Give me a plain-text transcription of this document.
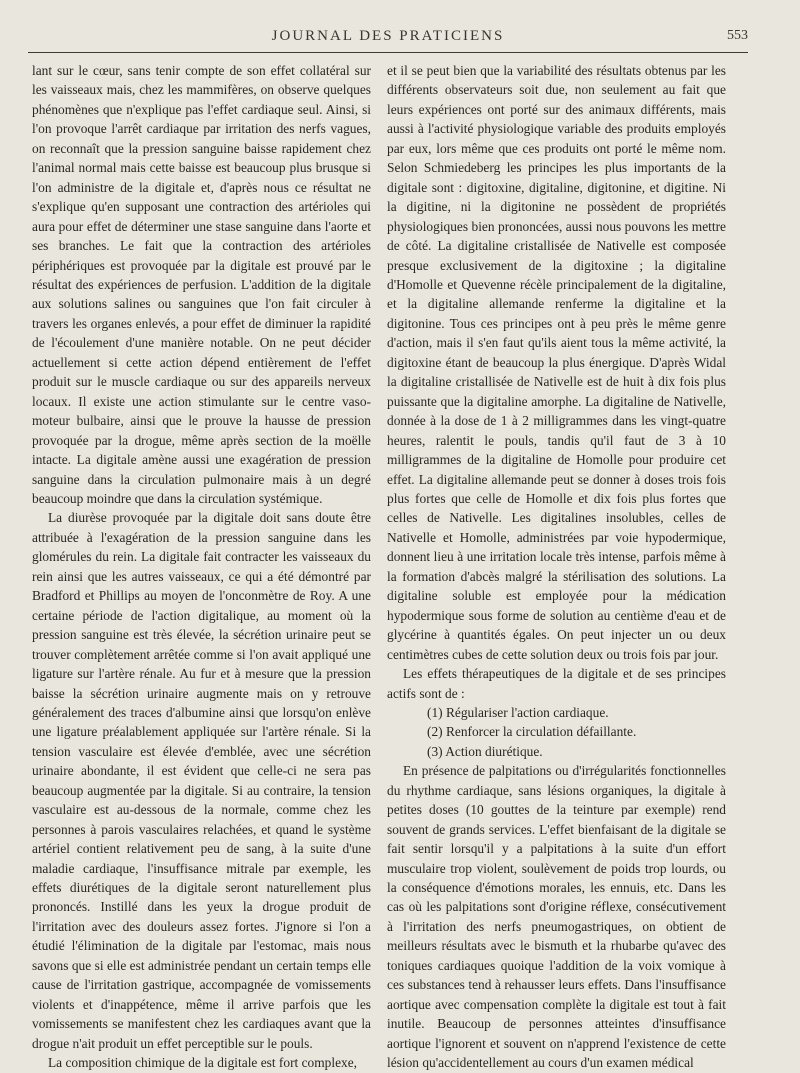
JOURNAL DES PRATICIENS	553

lant sur le cœur, sans tenir compte de son effet collatéral sur les vaisseaux mais, chez les mammifères, on observe quelques phénomènes que n'explique pas l'effet cardiaque seul. Ainsi, si l'on provoque l'arrêt cardiaque par irritation des nerfs vagues, on reconnaît que la pression sanguine baisse rapidement chez l'animal normal mais cette baisse est beaucoup plus brusque si l'on administre de la digitale et, d'après nous ce résultat ne s'explique qu'en supposant une contraction des artérioles qui aura pour effet de déterminer une stase sanguine dans l'aorte et ses branches. Le fait que la contraction des artérioles périphériques est provoquée par la digitale est prouvé par le résultat des expériences de perfusion. L'addition de la digitale aux solutions salines ou sanguines que l'on fait circuler à travers les organes enlevés, a pour effet de diminuer la rapidité de l'écoulement d'une manière notable. On ne peut décider actuellement si cette action dépend entièrement de l'effet produit sur le muscle cardiaque ou sur des appareils nerveux locaux. Il existe une action stimulante sur le centre vaso-moteur bulbaire, ainsi que le prouve la hausse de pression provoquée par la drogue, même après section de la moëlle intacte. La digitale amène aussi une exagération de pression sanguine dans la circulation pulmonaire mais à un degré beaucoup moindre que dans la circulation systémique.

La diurèse provoquée par la digitale doit sans doute être attribuée à l'exagération de la pression sanguine dans les glomérules du rein. La digitale fait contracter les vaisseaux du rein ainsi que les autres vaisseaux, ce qui a été démontré par Bradford et Phillips au moyen de l'onconmètre de Roy. A une certaine période de l'action digitalique, au moment où la pression sanguine est très élevée, la sécrétion urinaire peut se trouver complètement arrêtée comme si l'on avait appliqué une ligature sur l'artère rénale. Au fur et à mesure que la pression baisse la sécrétion urinaire augmente mais on y retrouve généralement des traces d'albumine ainsi que lorsqu'on enlève une ligature préalablement appliquée sur l'artère rénale. Si la tension vasculaire est élevée d'emblée, avec une sécrétion urinaire abondante, il est évident que celle-ci ne sera pas beaucoup augmentée par la digitale. Si au contraire, la tension vasculaire est au-dessous de la normale, comme chez les personnes à parois vasculaires relachées, et quand le système artériel contient relativement peu de sang, à la suite d'une maladie cardiaque, l'insuffisance mitrale par exemple, les effets diurétiques de la digitale seront naturellement plus prononcés. Instillé dans les yeux la drogue produit de l'irritation avec des douleurs assez fortes. J'ignore si l'on a étudié l'élimination de la digitale par l'estomac, mais nous savons que si elle est administrée pendant un certain temps elle cause de l'irritation gastrique, accompagnée de vomissements violents et d'inappétence, même il arrive parfois que les vomissements se manifestent chez les cardiaques avant que la drogue n'ait produit un effet perceptible sur le pouls.

La composition chimique de la digitale est fort complexe,

et il se peut bien que la variabilité des résultats obtenus par les différents observateurs soit due, non seulement au fait que leurs expériences ont porté sur des animaux différents, mais aussi à l'activité physiologique variable des produits employés par eux, lors même que ces produits ont porté le même nom. Selon Schmiedeberg les principes les plus importants de la digitale sont : digitoxine, digitaline, digitonine, et digitine. Ni la digitine, ni la digitonine ne possèdent de propriétés physiologiques bien prononcées, aussi nous pouvons les mettre de côté. La digitaline cristallisée de Nativelle est composée presque exclusivement de la digitoxine ; la digitaline d'Homolle et Quevenne récèle principalement de la digitaline, et la digitaline allemande renferme la digitaline et la digitonine. Tous ces principes ont à peu près le même genre d'action, mais il s'en faut qu'ils aient tous la même activité, la digitoxine étant de beaucoup la plus énergique. D'après Widal la digitaline cristallisée de Nativelle est de huit à dix fois plus puissante que la digitaline amorphe. La digitaline de Nativelle, donnée à la dose de 1 à 2 milligrammes dans les vingt-quatre heures, ralentit le pouls, tandis qu'il faut de 3 à 10 milligrammes de la digitaline de Homolle pour produire cet effet. La digitaline allemande peut se donner à doses trois fois plus fortes que celle de Homolle et dix fois plus fortes que celles de Nativelle. Les digitalines insolubles, celles de Nativelle et Homolle, administrées par voie hypodermique, donnent lieu à une irritation locale très intense, parfois même à la formation d'abcès malgré la stérilisation des solutions. La digitaline soluble est employée pour la médication hypodermique sous forme de solution au centième d'eau et de glycérine à quantités égales. On peut injecter un ou deux centimètres cubes de cette solution deux ou trois fois par jour.

Les effets thérapeutiques de la digitale et de ses principes actifs sont de :

(1) Régulariser l'action cardiaque.
(2) Renforcer la circulation défaillante.
(3) Action diurétique.

En présence de palpitations ou d'irrégularités fonctionnelles du rhythme cardiaque, sans lésions organiques, la digitale à petites doses (10 gouttes de la teinture par exemple) rend souvent de grands services. L'effet bienfaisant de la digitale se fait sentir lorsqu'il y a palpitations à la suite d'un effort musculaire trop violent, soulèvement de poids trop lourds, ou la conséquence d'émotions morales, les ennuis, etc. Dans les cas où les palpitations sont d'origine réflexe, consécutivement à l'irritation des nerfs pneumogastriques, on obtient de meilleurs résultats avec le bismuth et la rhubarbe qu'avec des toniques cardiaques quoique l'addition de la voix vomique à ces substances tend à rehausser leurs effets. Dans l'insuffisance aortique avec compensation complète la digitale est tout à fait inutile. Beaucoup de personnes atteintes d'insuffisance aortique l'ignorent et souvent on n'apprend l'existence de cette lésion qu'accidentellement au cours d'un examen médical
